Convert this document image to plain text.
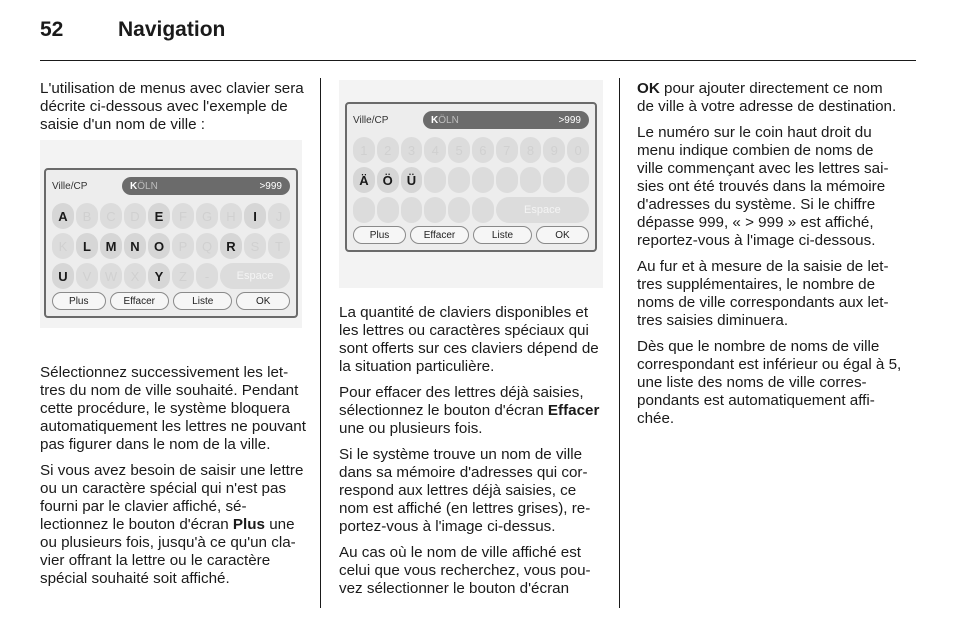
52	Navigation

L'utilisation de menus avec clavier sera décrite ci-dessous avec l'exemple de saisie d'un nom de ville :

Ville/CP	KÖLN	>999
A	B	C	D	E	F	G	H	I	J
K	L	M	N	O	P	Q	R	S	T
U	V	W	X	Y	Z	-	Espace
Plus	Effacer	Liste	OK

Sélectionnez successivement les lettres du nom de ville souhaité. Pendant cette procédure, le système bloquera automatiquement les lettres ne pouvant pas figurer dans le nom de la ville.

Si vous avez besoin de saisir une lettre ou un caractère spécial qui n'est pas fourni par le clavier affiché, sélectionnez le bouton d'écran Plus une ou plusieurs fois, jusqu'à ce qu'un clavier offrant la lettre ou le caractère spécial souhaité soit affiché.

Ville/CP	KÖLN	>999
1	2	3	4	5	6	7	8	9	0
Ä	Ö	Ü
Espace
Plus	Effacer	Liste	OK

La quantité de claviers disponibles et les lettres ou caractères spéciaux qui sont offerts sur ces claviers dépend de la situation particulière.

Pour effacer des lettres déjà saisies, sélectionnez le bouton d'écran Effacer une ou plusieurs fois.

Si le système trouve un nom de ville dans sa mémoire d'adresses qui correspond aux lettres déjà saisies, ce nom est affiché (en lettres grises), reportez-vous à l'image ci-dessus.

Au cas où le nom de ville affiché est celui que vous recherchez, vous pouvez sélectionner le bouton d'écran

OK pour ajouter directement ce nom de ville à votre adresse de destination.

Le numéro sur le coin haut droit du menu indique combien de noms de ville commençant avec les lettres saisies ont été trouvés dans la mémoire d'adresses du système. Si le chiffre dépasse 999, « > 999 » est affiché, reportez-vous à l'image ci-dessous.

Au fur et à mesure de la saisie de lettres supplémentaires, le nombre de noms de ville correspondants aux lettres saisies diminuera.

Dès que le nombre de noms de ville correspondant est inférieur ou égal à 5, une liste des noms de ville correspondants est automatiquement affichée.
